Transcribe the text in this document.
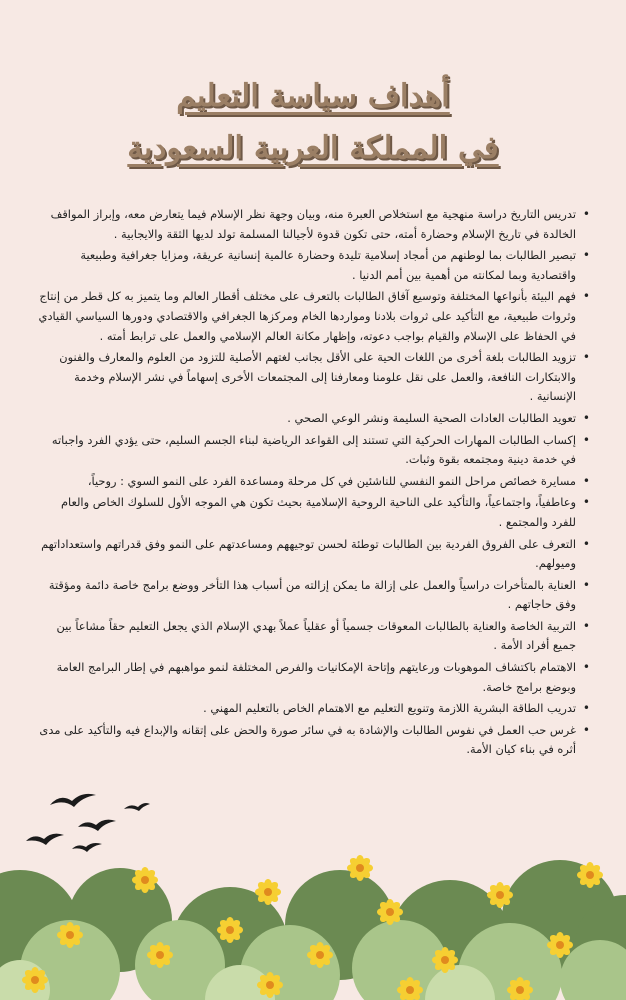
أهداف سياسة التعليم
في المملكة العربية السعودية
• تدريس التاريخ دراسة منهجية مع استخلاص العبرة منه، وبيان وجهة نظر الإسلام فيما يتعارض معه، وإبراز المواقف الخالدة في تاريخ الإسلام وحضارة أمته، حتى تكون قدوة لأجيالنا المسلمة تولد لديها الثقة والايجابية .
• تبصير الطالبات بما لوطنهم من أمجاد إسلامية تليدة وحضارة عالمية إنسانية عريقة، ومزايا جغرافية وطبيعية واقتصادية وبما لمكانته من أهمية بين أمم الدنيا .
• فهم البيئة بأنواعها المختلفة وتوسيع آفاق الطالبات بالتعرف على مختلف أقطار العالم وما يتميز به كل قطر من إنتاج وثروات طبيعية، مع التأكيد على ثروات بلادنا ومواردها الخام ومركزها الجغرافي والاقتصادي ودورها السياسي القيادي في الحفاظ على الإسلام والقيام بواجب دعوته، وإظهار مكانة العالم الإسلامي والعمل على ترابط أمته .
• تزويد الطالبات بلغة أخرى من اللغات الحية على الأقل بجانب لغتهم الأصلية للتزود من العلوم والمعارف والفنون والابتكارات النافعة، والعمل على نقل علومنا ومعارفنا إلى المجتمعات الأخرى إسهاماً في نشر الإسلام وخدمة الإنسانية .
• تعويد الطالبات العادات الصحية السليمة ونشر الوعي الصحي .
• إكساب الطالبات المهارات الحركية التي تستند إلى القواعد الرياضية لبناء الجسم السليم، حتى يؤدي الفرد واجباته في خدمة دينية ومجتمعه بقوة وثبات.
• مسايرة خصائص مراحل النمو النفسي للناشئين في كل مرحلة ومساعدة الفرد على النمو السوي : روحياً،
• وعاطفياً، واجتماعياً، والتأكيد على الناحية الروحية الإسلامية بحيث تكون هي الموجه الأول للسلوك الخاص والعام للفرد والمجتمع .
• التعرف على الفروق الفردية بين الطالبات توطئة لحسن توجيههم ومساعدتهم على النمو وفق قدراتهم واستعداداتهم وميولهم.
• العناية بالمتأخرات دراسياً والعمل على إزالة ما يمكن إزالته من أسباب هذا التأخر ووضع برامج خاصة دائمة ومؤقتة وفق حاجاتهم .
• التربية الخاصة والعناية بالطالبات المعوقات جسمياً أو عقلياً عملاً بهدي الإسلام الذي يجعل التعليم حقاً مشاعاً بين جميع أفراد الأمة .
• الاهتمام باكتشاف الموهوبات ورعايتهم وإتاحة الإمكانيات والفرص المختلفة لنمو مواهبهم في إطار البرامج العامة وبوضع برامج خاصة.
• تدريب الطاقة البشرية اللازمة وتنويع التعليم مع الاهتمام الخاص بالتعليم المهني .
• غرس حب العمل في نفوس الطالبات والإشادة به في سائر صورة والحض على إتقانه والإبداع فيه والتأكيد على مدى أثره في بناء كيان الأمة.
